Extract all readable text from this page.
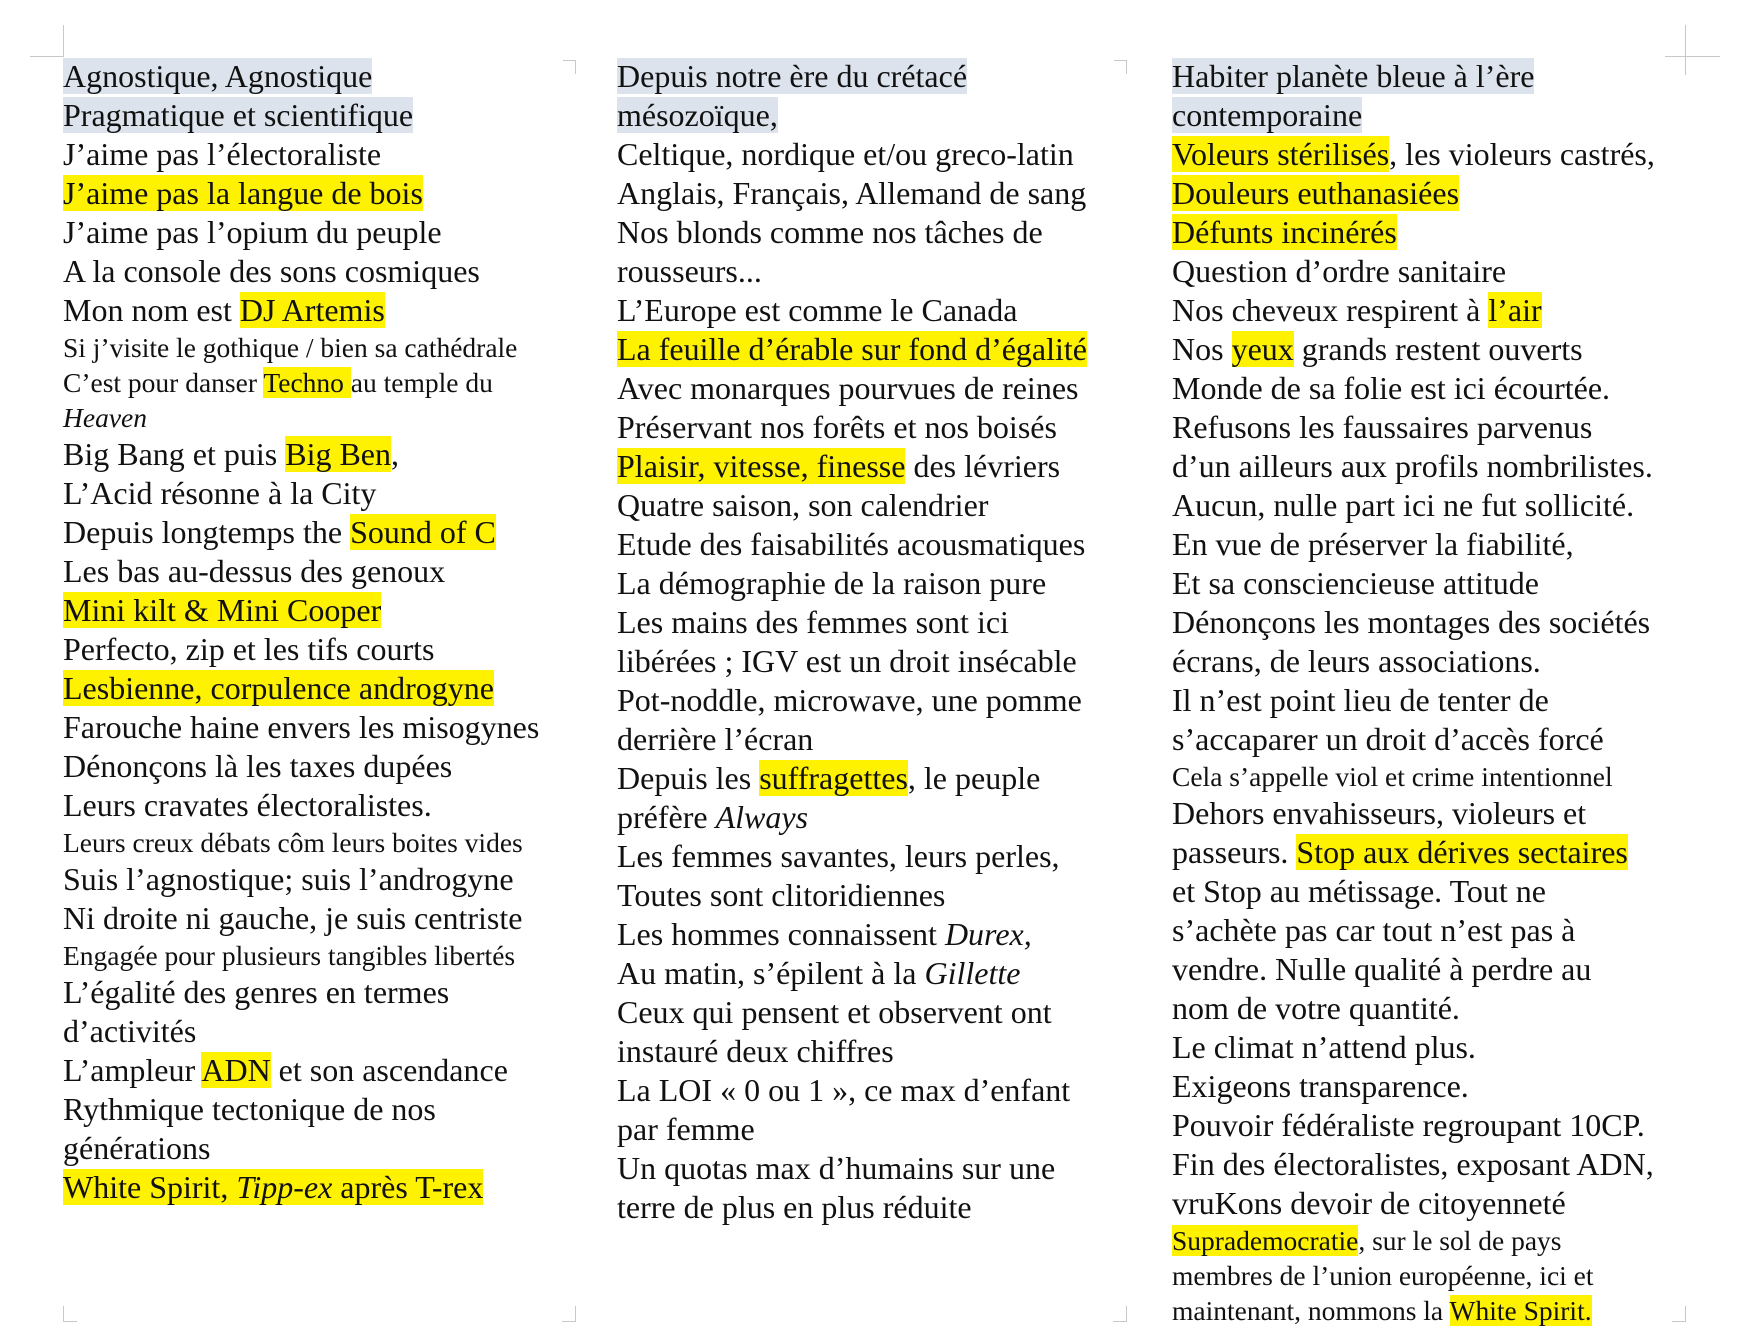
Agnostique, Agnostique
Pragmatique et scientifique
J’aime pas l’électoraliste
J’aime pas la langue de bois
J’aime pas l’opium du peuple
A la console des sons cosmiques
Mon nom est DJ Artemis
Si j’visite le gothique / bien sa cathédrale
C’est pour danser Techno au temple du
Heaven
Big Bang et puis Big Ben,
L’Acid résonne à la City
Depuis longtemps the Sound of C
Les bas au-dessus des genoux
Mini kilt & Mini Cooper
Perfecto, zip et les tifs courts
Lesbienne, corpulence androgyne
Farouche haine envers les misogynes
Dénonçons là les taxes dupées
Leurs cravates électoralistes.
Leurs creux débats côm leurs boites vides
Suis l’agnostique; suis l’androgyne
Ni droite ni gauche, je suis centriste
Engagée pour plusieurs tangibles libertés
L’égalité des genres en termes
d’activités
L’ampleur ADN et son ascendance
Rythmique tectonique de nos
générations
White Spirit, Tipp-ex après T-rex
Depuis notre ère du crétacé
mésozoïque,
Celtique, nordique et/ou greco-latin
Anglais, Français, Allemand de sang
Nos blonds comme nos tâches de
rousseurs...
L’Europe est comme le Canada
La feuille d’érable sur fond d’égalité
Avec monarques pourvues de reines
Préservant nos forêts et nos boisés
Plaisir, vitesse, finesse des lévriers
Quatre saison, son calendrier
Etude des faisabilités acousmatiques
La démographie de la raison pure
Les mains des femmes sont ici
libérées ; IGV est un droit insécable
Pot-noddle, microwave, une pomme
derrière l’écran
Depuis les suffragettes, le peuple
préfère Always
Les femmes savantes, leurs perles,
Toutes sont clitoridiennes
Les hommes connaissent Durex,
Au matin, s’épilent à la Gillette
Ceux qui pensent et observent ont
instauré deux chiffres
La LOI « 0 ou 1 », ce max d’enfant
par femme
Un quotas max d’humains sur une
terre de plus en plus réduite
Habiter planète bleue à l’ère
contemporaine
Voleurs stérilisés, les violeurs castrés,
Douleurs euthanasiées
Défunts incinérés
Question d’ordre sanitaire
Nos cheveux respirent à l’air
Nos yeux grands restent ouverts
Monde de sa folie est ici écourtée.
Refusons les faussaires parvenus
d’un ailleurs aux profils nombrilistes.
Aucun, nulle part ici ne fut sollicité.
En vue de préserver la fiabilité,
Et sa consciencieuse attitude
Dénonçons les montages des sociétés
écrans, de leurs associations.
Il n’est point lieu de tenter de
s’accaparer un droit d’accès forcé
Cela s’appelle viol et crime intentionnel
Dehors envahisseurs, violeurs et
passeurs. Stop aux dérives sectaires
et Stop au métissage. Tout ne
s’achète pas car tout n’est pas à
vendre. Nulle qualité à perdre au
nom de votre quantité.
Le climat n’attend plus.
Exigeons transparence.
Pouvoir fédéraliste regroupant 10CP.
Fin des électoralistes, exposant ADN,
vruKons devoir de citoyenneté
Suprademocratie, sur le sol de pays
membres de l’union européenne, ici et
maintenant, nommons la White Spirit.
